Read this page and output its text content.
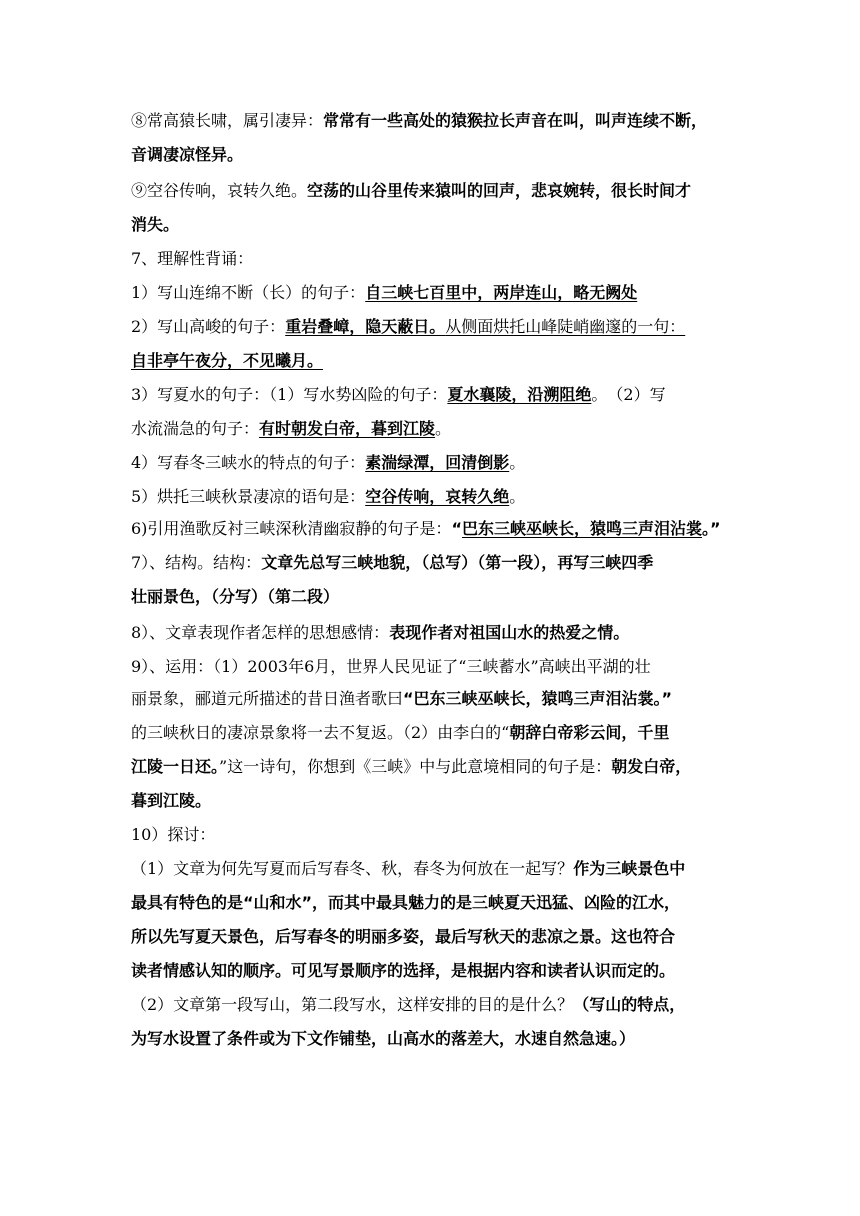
⑧常高猿长啸，属引凄异：常常有一些高处的猿猴拉长声音在叫，叫声连续不断，
音调凄凉怪异。
⑨空谷传响，哀转久绝。空荡的山谷里传来猿叫的回声，悲哀婉转，很长时间才
消失。
7、理解性背诵：
1）写山连绵不断（长）的句子：自三峡七百里中，两岸连山，略无阙处
2）写山高峻的句子：重岩叠嶂，隐天蔽日。从侧面烘托山峰陡峭幽邃的一句：
自非亭午夜分，不见曦月。
3）写夏水的句子：（1）写水势凶险的句子：夏水襄陵，沿溯阻绝。　（2）写
水流湍急的句子：有时朝发白帝，暮到江陵。
4）写春冬三峡水的特点的句子：素湍绿潭，回清倒影。
5）烘托三峡秋景凄凉的语句是：空谷传响，哀转久绝。
6)引用渔歌反衬三峡深秋清幽寂静的句子是：“巴东三峡巫峡长，猿鸣三声泪沾裳。”
7）、结构。结构：文章先总写三峡地貌，（总写）（第一段），再写三峡四季
壮丽景色，（分写）（第二段）
8）、文章表现作者怎样的思想感情：表现作者对祖国山水的热爱之情。
9）、运用：（1）2003年6月，世界人民见证了“三峡蓄水”高峡出平湖的壮
丽景象，郦道元所描述的昔日渔者歌曰“巴东三峡巫峡长，猿鸣三声泪沾裳。”
的三峡秋日的凄凉景象将一去不复返。（2）由李白的“朝辞白帝彩云间，千里
江陵一日还。”这一诗句，你想到《三峡》中与此意境相同的句子是：朝发白帝，
暮到江陵。
10）探讨：
（1）文章为何先写夏而后写春冬、秋，春冬为何放在一起写？作为三峡景色中
最具有特色的是“山和水”，而其中最具魅力的是三峡夏天迅猛、凶险的江水，
所以先写夏天景色，后写春冬的明丽多姿，最后写秋天的悲凉之景。这也符合
读者情感认知的顺序。可见写景顺序的选择，是根据内容和读者认识而定的。
（2）文章第一段写山，第二段写水，这样安排的目的是什么？（写山的特点，
为写水设置了条件或为下文作铺垫，山高水的落差大，水速自然急速。）
